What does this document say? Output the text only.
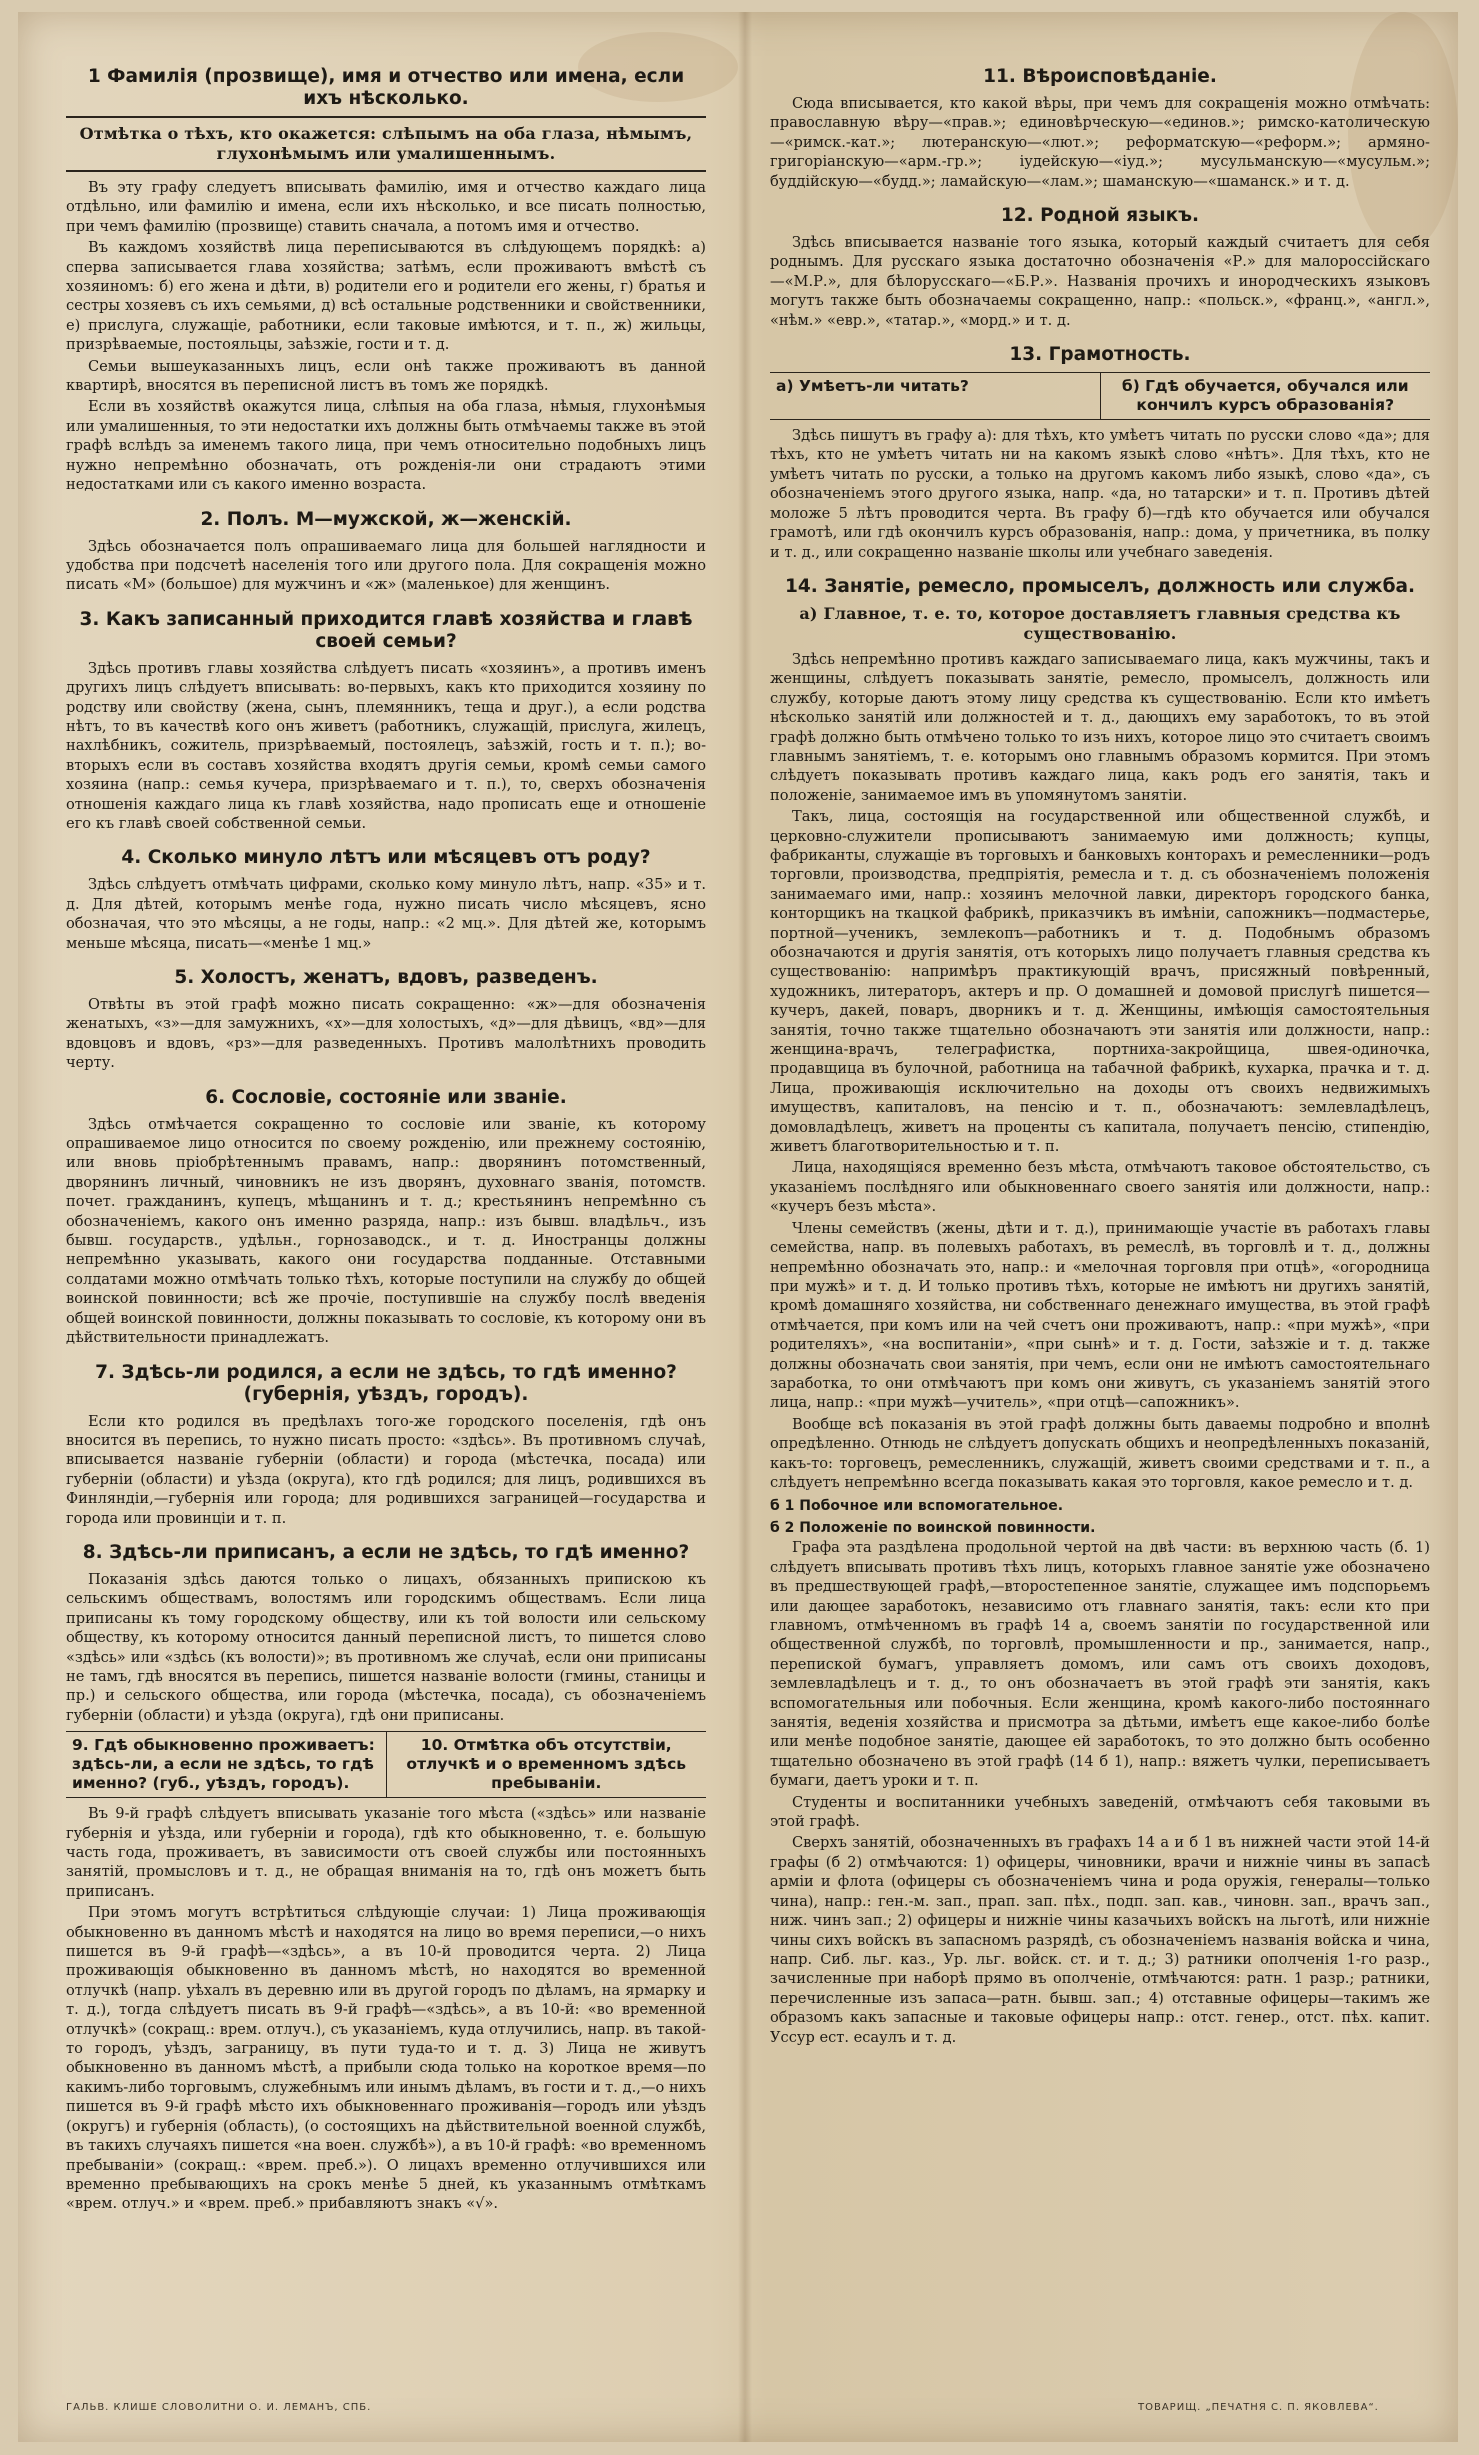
1 Фамилія (прозвище), имя и отчество или имена, если ихъ нѣсколько.
Отмѣтка о тѣхъ, кто окажется: слѣпымъ на оба глаза, нѣмымъ, глухонѣмымъ или умалишеннымъ.

Въ эту графу следуетъ вписывать фамилію, имя и отчество каждаго лица отдѣльно, или фамилію и имена, если ихъ нѣсколько, и все писать полностью, при чемъ фамилію (прозвище) ставить сначала, а потомъ имя и отчество.

Въ каждомъ хозяйствѣ лица переписываются въ слѣдующемъ порядкѣ: а) сперва записывается глава хозяйства; затѣмъ, если проживаютъ вмѣстѣ съ хозяиномъ: б) его жена и дѣти, в) родители его и родители его жены, г) братья и сестры хозяевъ съ ихъ семьями, д) всѣ остальные родственники и свойственники, е) прислуга, служащіе, работники, если таковые имѣются, и т. п., ж) жильцы, призрѣваемые, постояльцы, заѣзжіе, гости и т. д.

Семьи вышеуказанныхъ лицъ, если онѣ также проживаютъ въ данной квартирѣ, вносятся въ переписной листъ въ томъ же порядкѣ.

Если въ хозяйствѣ окажутся лица, слѣпыя на оба глаза, нѣмыя, глухонѣмыя или умалишенныя, то эти недостатки ихъ должны быть отмѣчаемы также въ этой графѣ вслѣдъ за именемъ такого лица, при чемъ относительно подобныхъ лицъ нужно непремѣнно обозначать, отъ рожденія-ли они страдаютъ этими недостатками или съ какого именно возраста.

2. Полъ. М—мужской, ж—женскій.

Здѣсь обозначается полъ опрашиваемаго лица для большей наглядности и удобства при подсчетѣ населенія того или другого пола. Для сокращенія можно писать «М» (большое) для мужчинъ и «ж» (маленькое) для женщинъ.

3. Какъ записанный приходится главѣ хозяйства и главѣ своей семьи?

Здѣсь противъ главы хозяйства слѣдуетъ писать «хозяинъ», а противъ именъ другихъ лицъ слѣдуетъ вписывать: во-первыхъ, какъ кто приходится хозяину по родству или свойству (жена, сынъ, племянникъ, теща и друг.), а если родства нѣтъ, то въ качествѣ кого онъ живетъ (работникъ, служащій, прислуга, жилецъ, нахлѣбникъ, сожитель, призрѣваемый, постоялецъ, заѣзжій, гость и т. п.); во-вторыхъ если въ составъ хозяйства входятъ другія семьи, кромѣ семьи самого хозяина (напр.: семья кучера, призрѣваемаго и т. п.), то, сверхъ обозначенія отношенія каждаго лица къ главѣ хозяйства, надо прописать еще и отношеніе его къ главѣ своей собственной семьи.

4. Сколько минуло лѣтъ или мѣсяцевъ отъ роду?

Здѣсь слѣдуетъ отмѣчать цифрами, сколько кому минуло лѣтъ, напр. «35» и т. д. Для дѣтей, которымъ менѣе года, нужно писать число мѣсяцевъ, ясно обозначая, что это мѣсяцы, а не годы, напр.: «2 мц.». Для дѣтей же, которымъ меньше мѣсяца, писать—«менѣе 1 мц.»

5. Холостъ, женатъ, вдовъ, разведенъ.

Отвѣты въ этой графѣ можно писать сокращенно: «ж»—для обозначенія женатыхъ, «з»—для замужнихъ, «х»—для холостыхъ, «д»—для дѣвицъ, «вд»—для вдовцовъ и вдовъ, «рз»—для разведенныхъ. Противъ малолѣтнихъ проводить черту.

6. Сословіе, состояніе или званіе.

Здѣсь отмѣчается сокращенно то сословіе или званіе, къ которому опрашиваемое лицо относится по своему рожденію, или прежнему состоянію, или вновь пріобрѣтеннымъ правамъ, напр.: дворянинъ потомственный, дворянинъ личный, чиновникъ не изъ дворянъ, духовнаго званія, потомств. почет. гражданинъ, купецъ, мѣщанинъ и т. д.; крестьянинъ непремѣнно съ обозначеніемъ, какого онъ именно разряда, напр.: изъ бывш. владѣльч., изъ бывш. государств., удѣльн., горнозаводск., и т. д. Иностранцы должны непремѣнно указывать, какого они государства подданные. Отставными солдатами можно отмѣчать только тѣхъ, которые поступили на службу до общей воинской повинности; всѣ же прочіе, поступившіе на службу послѣ введенія общей воинской повинности, должны показывать то сословіе, къ которому они въ дѣйствительности принадлежатъ.

7. Здѣсь-ли родился, а если не здѣсь, то гдѣ именно? (губернія, уѣздъ, городъ).

Если кто родился въ предѣлахъ того-же городского поселенія, гдѣ онъ вносится въ перепись, то нужно писать просто: «здѣсь». Въ противномъ случаѣ, вписывается названіе губерніи (области) и города (мѣстечка, посада) или губерніи (области) и уѣзда (округа), кто гдѣ родился; для лицъ, родившихся въ Финляндіи,—губернія или города; для родившихся заграницей—государства и города или провинціи и т. п.

8. Здѣсь-ли приписанъ, а если не здѣсь, то гдѣ именно?

Показанія здѣсь даются только о лицахъ, обязанныхъ припискою къ сельскимъ обществамъ, волостямъ или городскимъ обществамъ. Если лица приписаны къ тому городскому обществу, или къ той волости или сельскому обществу, къ которому относится данный переписной листъ, то пишется слово «здѣсь» или «здѣсь (къ волости)»; въ противномъ же случаѣ, если они приписаны не тамъ, гдѣ вносятся въ перепись, пишется названіе волости (гмины, станицы и пр.) и сельского общества, или города (мѣстечка, посада), съ обозначеніемъ губерніи (области) и уѣзда (округа), гдѣ они приписаны.

9. Гдѣ обыкновенно проживаетъ: здѣсь-ли, а если не здѣсь, то гдѣ именно? (губ., уѣздъ, городъ).
10. Отмѣтка объ отсутствіи, отлучкѣ и о временномъ здѣсь пребываніи.

Въ 9-й графѣ слѣдуетъ вписывать указаніе того мѣста («здѣсь» или названіе губернія и уѣзда, или губерніи и города), гдѣ кто обыкновенно, т. е. большую часть года, проживаетъ, въ зависимости отъ своей службы или постоянныхъ занятій, промысловъ и т. д., не обращая вниманія на то, гдѣ онъ можетъ быть приписанъ.

При этомъ могутъ встрѣтиться слѣдующіе случаи: 1) Лица проживающія обыкновенно въ данномъ мѣстѣ и находятся на лицо во время переписи,—о нихъ пишется въ 9-й графѣ—«здѣсь», а въ 10-й проводится черта. 2) Лица проживающія обыкновенно въ данномъ мѣстѣ, но находятся во временной отлучкѣ (напр. уѣхалъ въ деревню или въ другой городъ по дѣламъ, на ярмарку и т. д.), тогда слѣдуетъ писать въ 9-й графѣ—«здѣсь», а въ 10-й: «во временной отлучкѣ» (сокращ.: врем. отлуч.), съ указаніемъ, куда отлучились, напр. въ такой-то городъ, уѣздъ, заграницу, въ пути туда-то и т. д. 3) Лица не живутъ обыкновенно въ данномъ мѣстѣ, а прибыли сюда только на короткое время—по какимъ-либо торговымъ, служебнымъ или инымъ дѣламъ, въ гости и т. д.,—о нихъ пишется въ 9-й графѣ мѣсто ихъ обыкновеннаго проживанія—городъ или уѣздъ (округъ) и губернія (область), (о состоящихъ на дѣйствительной военной службѣ, въ такихъ случаяхъ пишется «на воен. службѣ»), а въ 10-й графѣ: «во временномъ пребываніи» (сокращ.: «врем. преб.»). О лицахъ временно отлучившихся или временно пребывающихъ на срокъ менѣе 5 дней, къ указаннымъ отмѣткамъ «врем. отлуч.» и «врем. преб.» прибавляютъ знакъ «√».

11. Вѣроисповѣданіе.

Сюда вписывается, кто какой вѣры, при чемъ для сокращенія можно отмѣчать: православную вѣру—«прав.»; единовѣрческую—«единов.»; римско-католическую—«римск.-кат.»; лютеранскую—«лют.»; реформатскую—«реформ.»; армяно-григоріанскую—«арм.-гр.»; іудейскую—«іуд.»; мусульманскую—«мусульм.»; буддійскую—«будд.»; ламайскую—«лам.»; шаманскую—«шаманск.» и т. д.

12. Родной языкъ.

Здѣсь вписывается названіе того языка, который каждый считаетъ для себя роднымъ. Для русскаго языка достаточно обозначенія «Р.» для малороссійскаго—«М.Р.», для бѣлорусскаго—«Б.Р.». Названія прочихъ и инородческихъ языковъ могутъ также быть обозначаемы сокращенно, напр.: «польск.», «франц.», «англ.», «нѣм.» «евр.», «татар.», «морд.» и т. д.

13. Грамотность.
а) Умѣетъ-ли читать?	б) Гдѣ обучается, обучался или кончилъ курсъ образованія?

Здѣсь пишутъ въ графу а): для тѣхъ, кто умѣетъ читать по русски слово «да»; для тѣхъ, кто не умѣетъ читать ни на какомъ языкѣ слово «нѣтъ». Для тѣхъ, кто не умѣетъ читать по русски, а только на другомъ какомъ либо языкѣ, слово «да», съ обозначеніемъ этого другого языка, напр. «да, но татарски» и т. п. Противъ дѣтей моложе 5 лѣтъ проводится черта. Въ графу б)—гдѣ кто обучается или обучался грамотѣ, или гдѣ окончилъ курсъ образованія, напр.: дома, у причетника, въ полку и т. д., или сокращенно названіе школы или учебнаго заведенія.

14. Занятіе, ремесло, промыселъ, должность или служба.
а) Главное, т. е. то, которое доставляетъ главныя средства къ существованію.

Здѣсь непремѣнно противъ каждаго записываемаго лица, какъ мужчины, такъ и женщины, слѣдуетъ показывать занятіе, ремесло, промыселъ, должность или службу, которые даютъ этому лицу средства къ существованію. Если кто имѣетъ нѣсколько занятій или должностей и т. д., дающихъ ему заработокъ, то въ этой графѣ должно быть отмѣчено только то изъ нихъ, которое лицо это считаетъ своимъ главнымъ занятіемъ, т. е. которымъ оно главнымъ образомъ кормится. При этомъ слѣдуетъ показывать противъ каждаго лица, какъ родъ его занятія, такъ и положеніе, занимаемое имъ въ упомянутомъ занятіи.

Такъ, лица, состоящія на государственной или общественной службѣ, и церковно-служители прописываютъ занимаемую ими должность; купцы, фабриканты, служащіе въ торговыхъ и банковыхъ конторахъ и ремесленники—родъ торговли, производства, предпріятія, ремесла и т. д. съ обозначеніемъ положенія занимаемаго ими, напр.: хозяинъ мелочной лавки, директоръ городского банка, конторщикъ на ткацкой фабрикѣ, приказчикъ въ имѣніи, сапожникъ—подмастерье, портной—ученикъ, землекопъ—работникъ и т. д. Подобнымъ образомъ обозначаются и другія занятія, отъ которыхъ лицо получаетъ главныя средства къ существованію: напримѣръ практикующій врачъ, присяжный повѣренный, художникъ, литераторъ, актеръ и пр. О домашней и домовой прислугѣ пишется—кучеръ, дакей, поваръ, дворникъ и т. д. Женщины, имѣющія самостоятельныя занятія, точно также тщательно обозначаютъ эти занятія или должности, напр.: женщина-врачъ, телеграфистка, портниха-закройщица, швея-одиночка, продавщица въ булочной, работница на табачной фабрикѣ, кухарка, прачка и т. д. Лица, проживающія исключительно на доходы отъ своихъ недвижимыхъ имуществъ, капиталовъ, на пенсію и т. п., обозначаютъ: землевладѣлецъ, домовладѣлецъ, живетъ на проценты съ капитала, получаетъ пенсію, стипендію, живетъ благотворительностью и т. п.

Лица, находящіяся временно безъ мѣста, отмѣчаютъ таковое обстоятельство, съ указаніемъ послѣдняго или обыкновеннаго своего занятія или должности, напр.: «кучеръ безъ мѣста».

Члены семействъ (жены, дѣти и т. д.), принимающіе участіе въ работахъ главы семейства, напр. въ полевыхъ работахъ, въ ремеслѣ, въ торговлѣ и т. д., должны непремѣнно обозначать это, напр.: и «мелочная торговля при отцѣ», «огородница при мужѣ» и т. д. И только противъ тѣхъ, которые не имѣютъ ни другихъ занятій, кромѣ домашняго хозяйства, ни собственнаго денежнаго имущества, въ этой графѣ отмѣчается, при комъ или на чей счетъ они проживаютъ, напр.: «при мужѣ», «при родителяхъ», «на воспитаніи», «при сынѣ» и т. д. Гости, заѣзжіе и т. д. также должны обозначать свои занятія, при чемъ, если они не имѣютъ самостоятельнаго заработка, то они отмѣчаютъ при комъ они живутъ, съ указаніемъ занятій этого лица, напр.: «при мужѣ—учитель», «при отцѣ—сапожникъ».

Вообще всѣ показанія въ этой графѣ должны быть даваемы подробно и вполнѣ опредѣленно. Отнюдь не слѣдуетъ допускать общихъ и неопредѣленныхъ показаній, какъ-то: торговецъ, ремесленникъ, служащій, живетъ своими средствами и т. п., а слѣдуетъ непремѣнно всегда показывать какая это торговля, какое ремесло и т. д.

б 1 Побочное или вспомогательное.
б 2 Положеніе по воинской повинности.

Графа эта раздѣлена продольной чертой на двѣ части: въ верхнюю часть (б. 1) слѣдуетъ вписывать противъ тѣхъ лицъ, которыхъ главное занятіе уже обозначено въ предшествующей графѣ,—второстепенное занятіе, служащее имъ подспорьемъ или дающее заработокъ, независимо отъ главнаго занятія, такъ: если кто при главномъ, отмѣченномъ въ графѣ 14 а, своемъ занятіи по государственной или общественной службѣ, по торговлѣ, промышленности и пр., занимается, напр., перепиской бумагъ, управляетъ домомъ, или самъ отъ своихъ доходовъ, землевладѣлецъ и т. д., то онъ обозначаетъ въ этой графѣ эти занятія, какъ вспомогательныя или побочныя. Если женщина, кромѣ какого-либо постояннаго занятія, веденія хозяйства и присмотра за дѣтьми, имѣетъ еще какое-либо болѣе или менѣе подобное занятіе, дающее ей заработокъ, то это должно быть особенно тщательно обозначено въ этой графѣ (14 б 1), напр.: вяжетъ чулки, переписываетъ бумаги, даетъ уроки и т. п.

Студенты и воспитанники учебныхъ заведеній, отмѣчаютъ себя таковыми въ этой графѣ.

Сверхъ занятій, обозначенныхъ въ графахъ 14 а и б 1 въ нижней части этой 14-й графы (б 2) отмѣчаются: 1) офицеры, чиновники, врачи и нижніе чины въ запасѣ арміи и флота (офицеры съ обозначеніемъ чина и рода оружія, генералы—только чина), напр.: ген.-м. зап., прап. зап. пѣх., подп. зап. кав., чиновн. зап., врачъ зап., ниж. чинъ зап.; 2) офицеры и нижніе чины казачьихъ войскъ на льготѣ, или нижніе чины сихъ войскъ въ запасномъ разрядѣ, съ обозначеніемъ названія войска и чина, напр. Сиб. льг. каз., Ур. льг. войск. ст. и т. д.; 3) ратники ополченія 1-го разр., зачисленные при наборѣ прямо въ ополченіе, отмѣчаются: ратн. 1 разр.; ратники, перечисленные изъ запаса—ратн. бывш. зап.; 4) отставные офицеры—такимъ же образомъ какъ запасные и таковые офицеры напр.: отст. генер., отст. пѣх. капит. Уссур ест. есаулъ и т. д.

ГАЛЬВ. КЛИШЕ СЛОВОЛИТНИ О. И. ЛЕМАНЪ, СПБ.	ТОВАРИЩ. „ПЕЧАТНЯ С. П. ЯКОВЛЕВА“.
